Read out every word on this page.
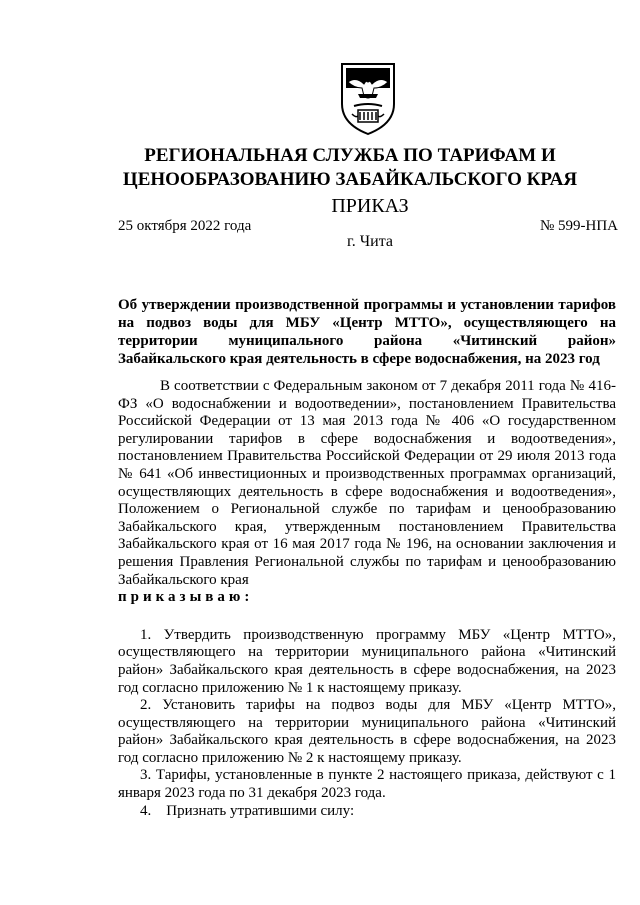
РЕГИОНАЛЬНАЯ СЛУЖБА ПО ТАРИФАМ И
ЦЕНООБРАЗОВАНИЮ ЗАБАЙКАЛЬСКОГО КРАЯ
ПРИКАЗ
25 октября 2022 года	№ 599-НПА
г. Чита
Об утверждении производственной программы и установлении тарифов
на подвоз воды для МБУ «Центр МТТО», осуществляющего на
территории муниципального района «Читинский район»
Забайкальского края деятельность в сфере водоснабжения, на 2023 год

В соответствии с Федеральным законом от 7 декабря 2011 года № 416-ФЗ «О водоснабжении и водоотведении», постановлением Правительства Российской Федерации от 13 мая 2013 года № 406 «О государственном регулировании тарифов в сфере водоснабжения и водоотведения», постановлением Правительства Российской Федерации от 29 июля 2013 года № 641 «Об инвестиционных и производственных программах организаций, осуществляющих деятельность в сфере водоснабжения и водоотведения», Положением о Региональной службе по тарифам и ценообразованию Забайкальского края, утвержденным постановлением Правительства Забайкальского края от 16 мая 2017 года № 196, на основании заключения и решения Правления Региональной службы по тарифам и ценообразованию Забайкальского края

приказываю:

1. Утвердить производственную программу МБУ «Центр МТТО», осуществляющего на территории муниципального района «Читинский район» Забайкальского края деятельность в сфере водоснабжения, на 2023 год согласно приложению № 1 к настоящему приказу.

2. Установить тарифы на подвоз воды для МБУ «Центр МТТО», осуществляющего на территории муниципального района «Читинский район» Забайкальского края деятельность в сфере водоснабжения, на 2023 год согласно приложению № 2 к настоящему приказу.

3. Тарифы, установленные в пункте 2 настоящего приказа, действуют с 1 января 2023 года по 31 декабря 2023 года.

4.    Признать утратившими силу:
